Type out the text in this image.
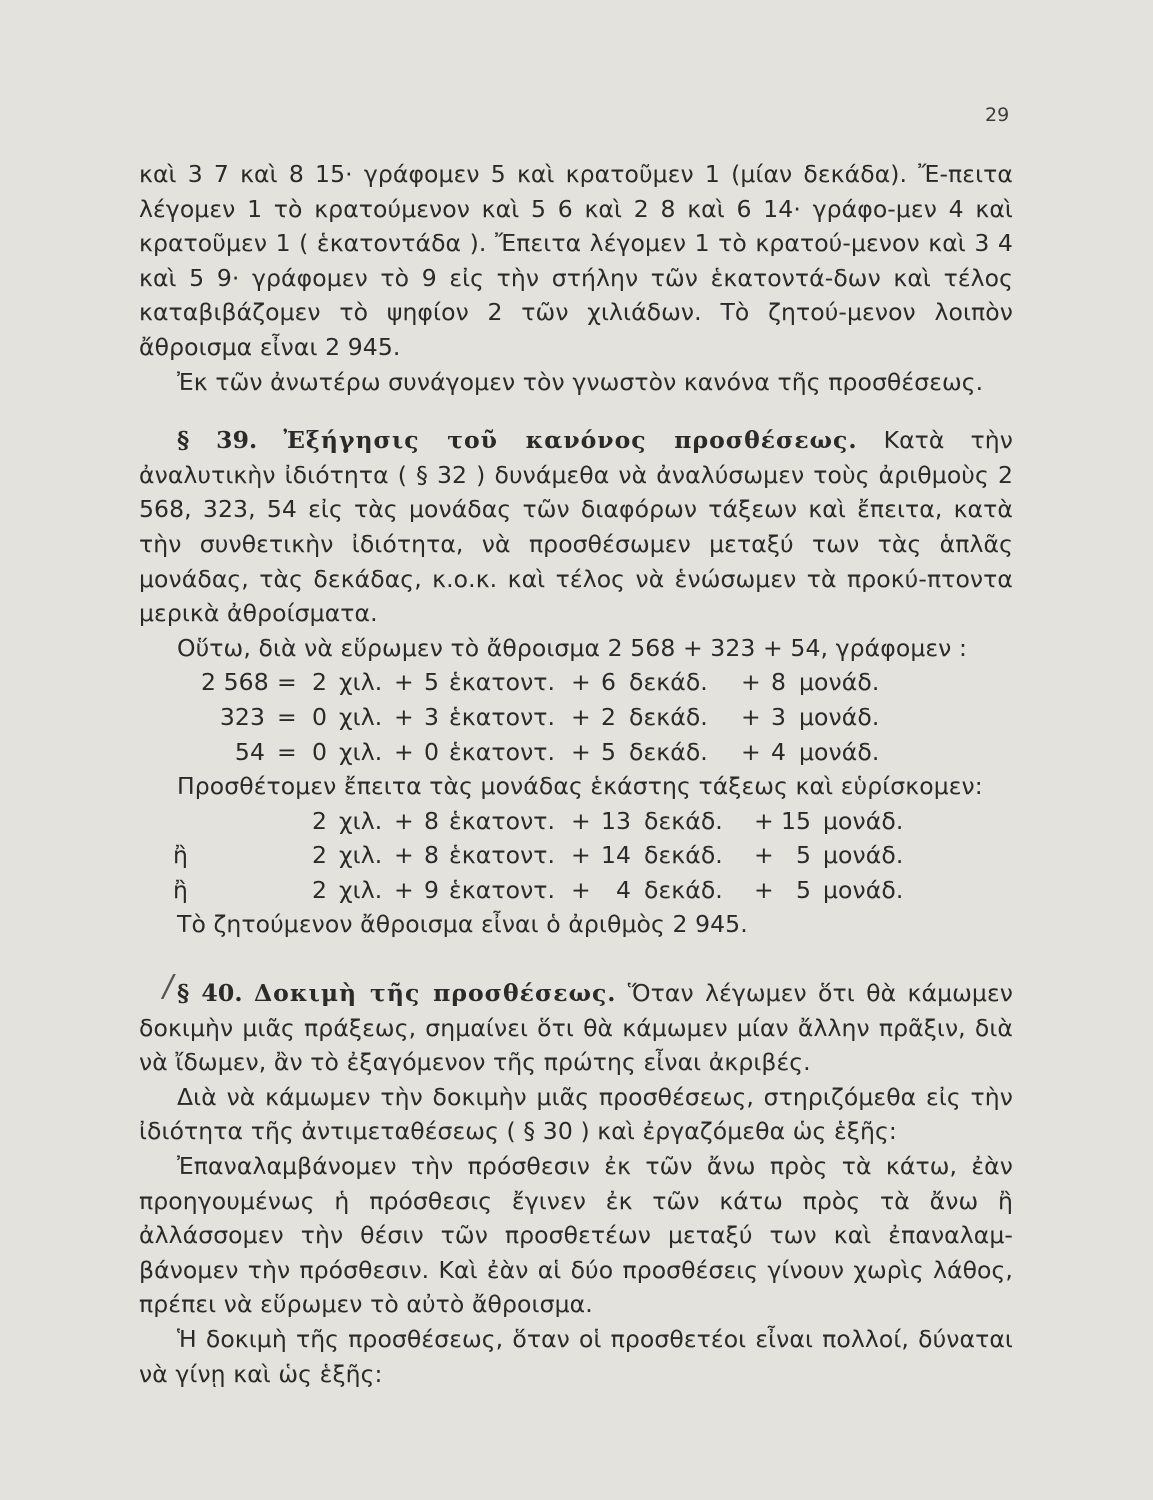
29

καὶ 3 7 καὶ 8 15· γράφομεν 5 καὶ κρατοῦμεν 1 (μίαν δεκάδα). Ἔ-πειτα λέγομεν 1 τὸ κρατούμενον καὶ 5 6 καὶ 2 8 καὶ 6 14· γράφο-μεν 4 καὶ κρατοῦμεν 1 ( ἑκατοντάδα ). Ἔπειτα λέγομεν 1 τὸ κρατού-μενον καὶ 3 4 καὶ 5 9· γράφομεν τὸ 9 εἰς τὴν στήλην τῶν ἑκατοντά-δων καὶ τέλος καταβιβάζομεν τὸ ψηφίον 2 τῶν χιλιάδων. Τὸ ζητού-μενον λοιπὸν ἄθροισμα εἶναι 2 945.

Ἐκ τῶν ἀνωτέρω συνάγομεν τὸν γνωστὸν κανόνα τῆς προσθέσεως.

§ 39. Ἐξήγησις τοῦ κανόνος προσθέσεως. Κατὰ τὴν ἀναλυτικὴν ἰδιότητα ( § 32 ) δυνάμεθα νὰ ἀναλύσωμεν τοὺς ἀριθμοὺς 2 568, 323, 54 εἰς τὰς μονάδας τῶν διαφόρων τάξεων καὶ ἔπειτα, κατὰ τὴν συνθετικὴν ἰδιότητα, νὰ προσθέσωμεν μεταξύ των τὰς ἁπλᾶς μονάδας, τὰς δεκάδας, κ.ο.κ. καὶ τέλος νὰ ἑνώσωμεν τὰ προκύ-πτοντα μερικὰ ἀθροίσματα.

Οὕτω, διὰ νὰ εὕρωμεν τὸ ἄθροισμα 2 568 + 323 + 54, γράφομεν :

2 568 = 2 χιλ. + 5 ἑκατοντ. + 6 δεκάδ. + 8 μονάδ.
323 = 0 χιλ. + 3 ἑκατοντ. + 2 δεκάδ. + 3 μονάδ.
54 = 0 χιλ. + 0 ἑκατοντ. + 5 δεκάδ. + 4 μονάδ.

Προσθέτομεν ἔπειτα τὰς μονάδας ἑκάστης τάξεως καὶ εὑρίσκομεν:

2 χιλ. + 8 ἑκατοντ. + 13 δεκάδ. + 15 μονάδ.
ἢ	2 χιλ. + 8 ἑκατοντ. + 14 δεκάδ. + 5 μονάδ.
ἢ	2 χιλ. + 9 ἑκατοντ. +	4 δεκάδ. + 5 μονάδ.

Τὸ ζητούμενον ἄθροισμα εἶναι ὁ ἀριθμὸς 2 945.

/ § 40. Δοκιμὴ τῆς προσθέσεως. Ὅταν λέγωμεν ὅτι θὰ κάμωμεν δοκιμὴν μιᾶς πράξεως, σημαίνει ὅτι θὰ κάμωμεν μίαν ἄλλην πρᾶξιν, διὰ νὰ ἴδωμεν, ἂν τὸ ἐξαγόμενον τῆς πρώτης εἶναι ἀκριβές.

Διὰ νὰ κάμωμεν τὴν δοκιμὴν μιᾶς προσθέσεως, στηριζόμεθα εἰς τὴν ἰδιότητα τῆς ἀντιμεταθέσεως ( § 30 ) καὶ ἐργαζόμεθα ὡς ἑξῆς:

Ἐπαναλαμβάνομεν τὴν πρόσθεσιν ἐκ τῶν ἄνω πρὸς τὰ κάτω, ἐὰν προηγουμένως ἡ πρόσθεσις ἔγινεν ἐκ τῶν κάτω πρὸς τὰ ἄνω ἢ ἀλλάσσομεν τὴν θέσιν τῶν προσθετέων μεταξύ των καὶ ἐπαναλαμ-βάνομεν τὴν πρόσθεσιν. Καὶ ἐὰν αἱ δύο προσθέσεις γίνουν χωρὶς λάθος, πρέπει νὰ εὕρωμεν τὸ αὐτὸ ἄθροισμα.

Ἡ δοκιμὴ τῆς προσθέσεως, ὅταν οἱ προσθετέοι εἶναι πολλοί, δύναται νὰ γίνῃ καὶ ὡς ἑξῆς:
